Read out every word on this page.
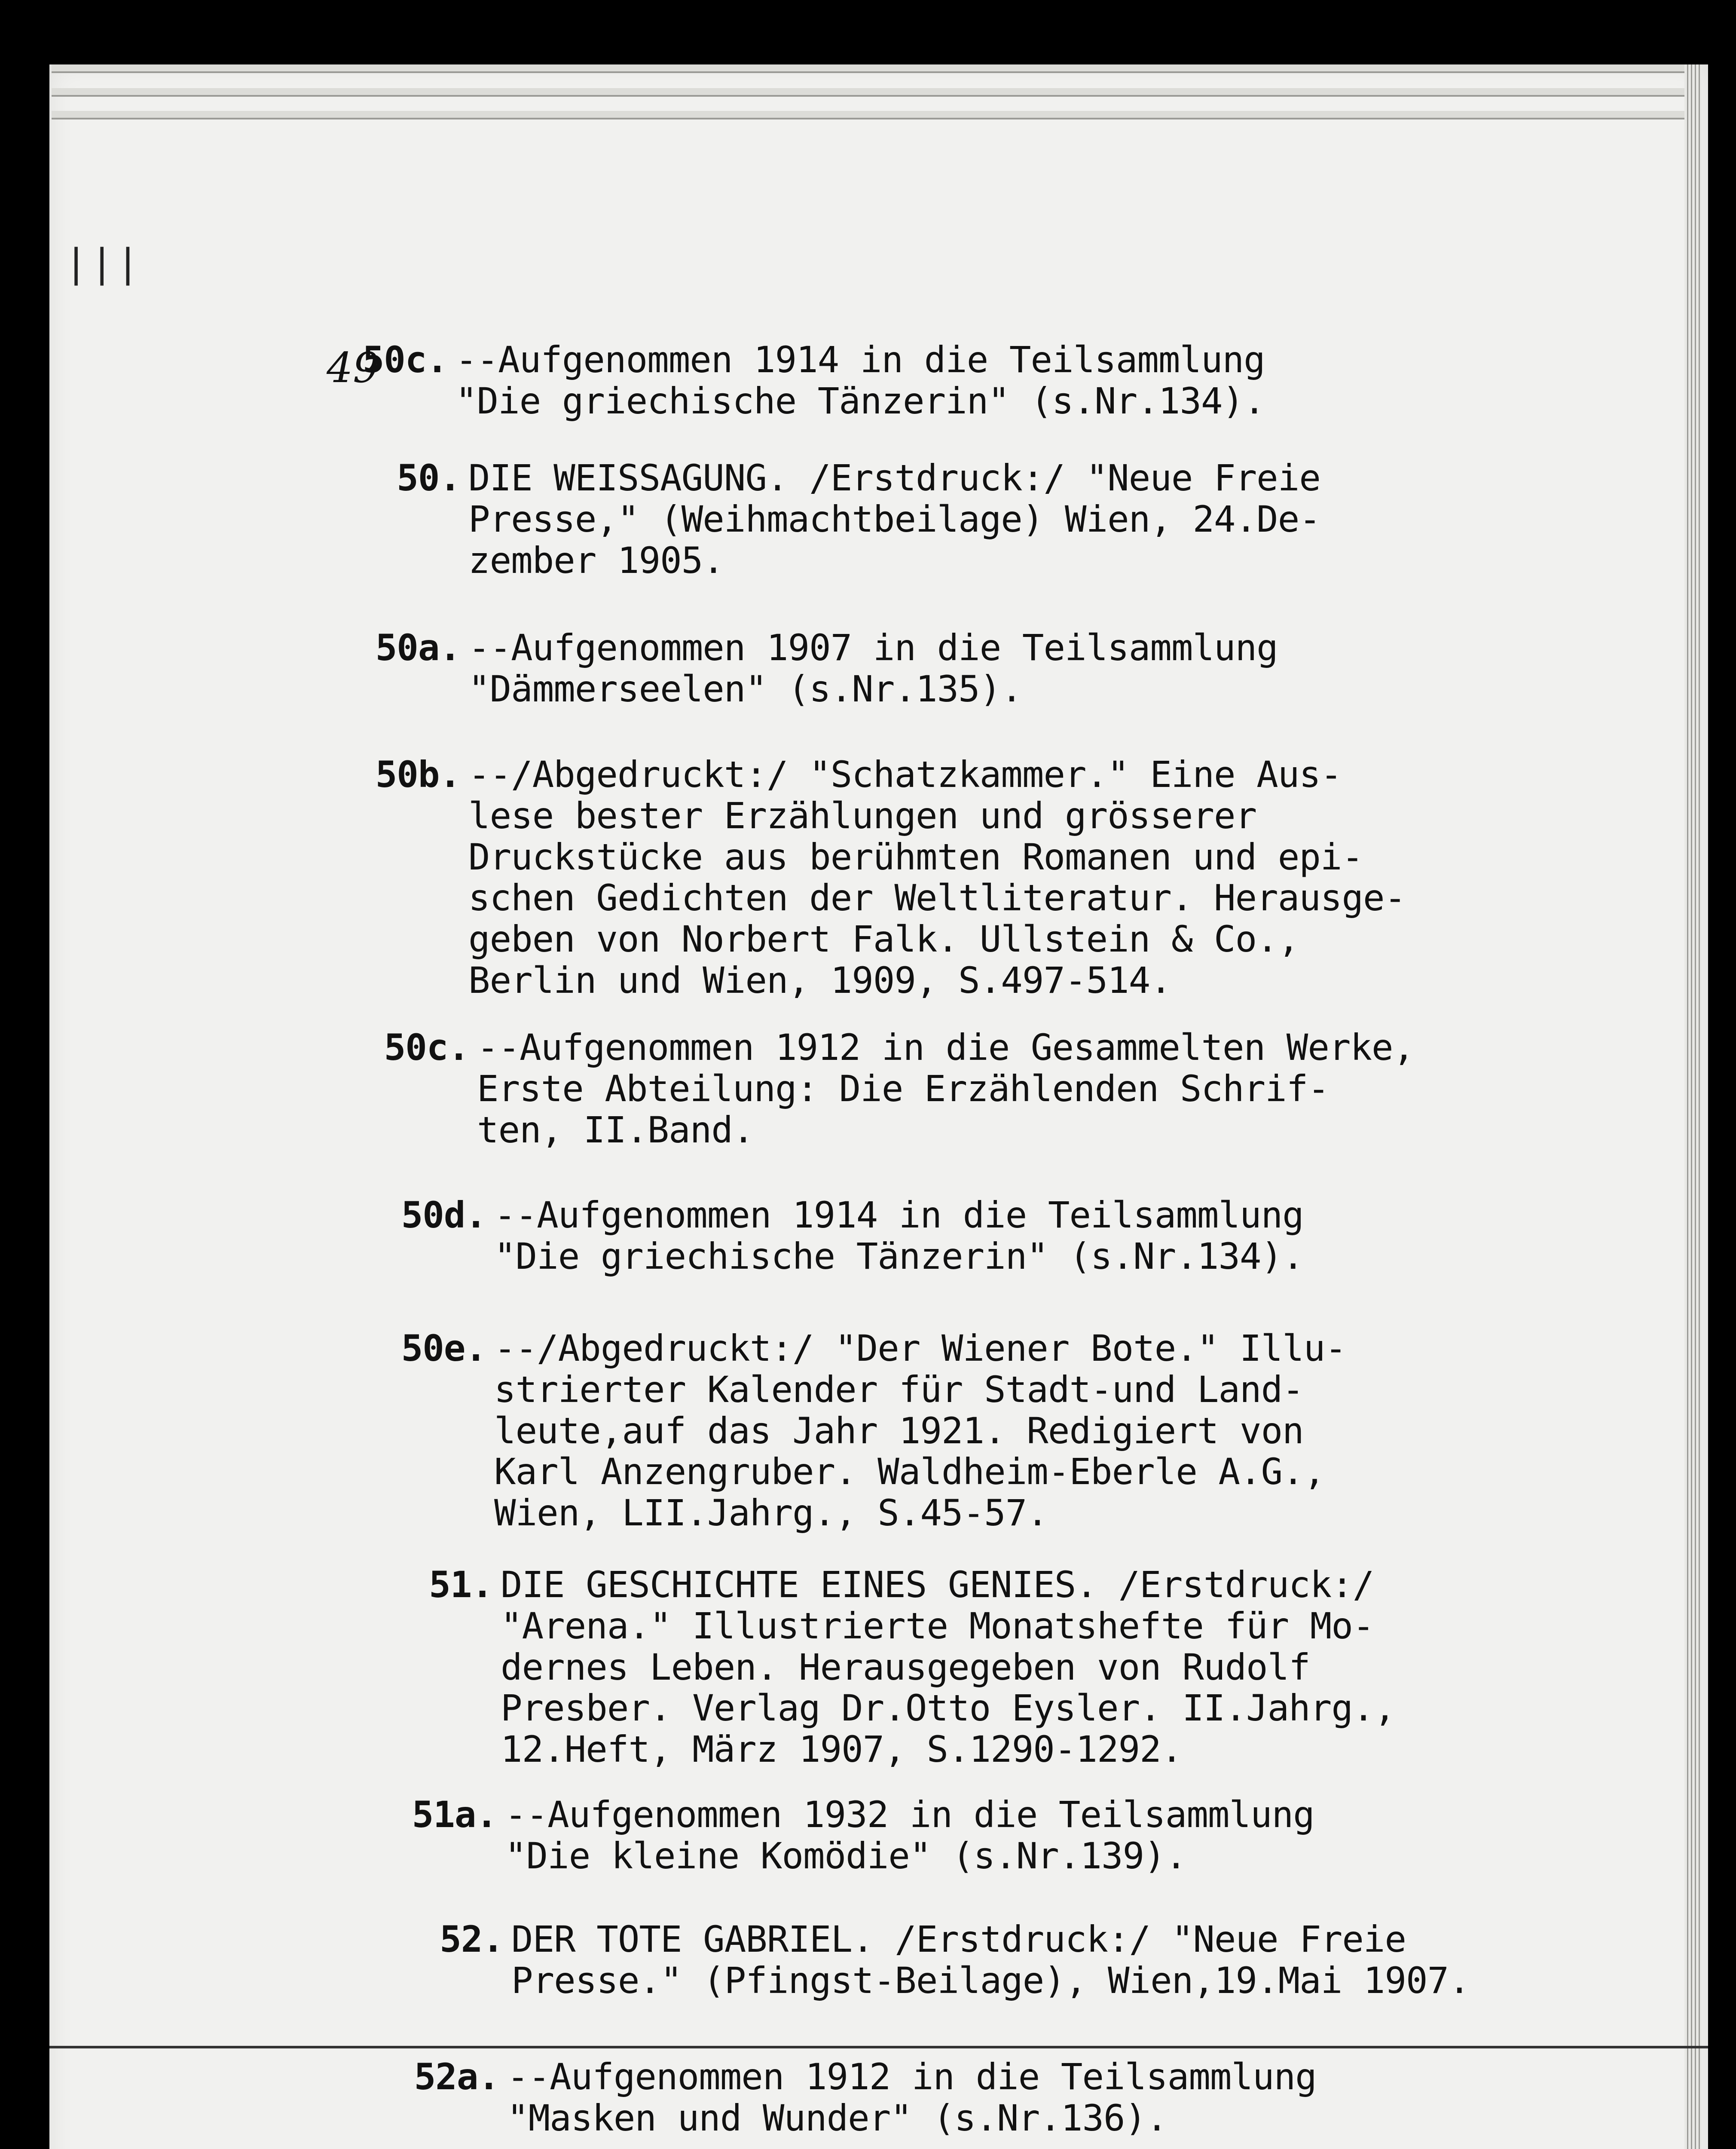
|||
49
50c. --Aufgenommen 1914 in die Teilsammlung
"Die griechische Tänzerin" (s.Nr.134).
50. DIE WEISSAGUNG. /Erstdruck:/ "Neue Freie
Presse," (Weihmachtbeilage) Wien, 24.De-
zember 1905.
50a. --Aufgenommen 1907 in die Teilsammlung
"Dämmerseelen" (s.Nr.135).
50b. --/Abgedruckt:/ "Schatzkammer." Eine Aus-
lese bester Erzählungen und grösserer
Druckstücke aus berühmten Romanen und epi-
schen Gedichten der Weltliteratur. Herausge-
geben von Norbert Falk. Ullstein & Co.,
Berlin und Wien, 1909, S.497-514.
50c. --Aufgenommen 1912 in die Gesammelten Werke,
Erste Abteilung: Die Erzählenden Schrif-
ten, II.Band.
50d. --Aufgenommen 1914 in die Teilsammlung
"Die griechische Tänzerin" (s.Nr.134).
50e. --/Abgedruckt:/ "Der Wiener Bote." Illu-
strierter Kalender für Stadt-und Land-
leute,auf das Jahr 1921. Redigiert von
Karl Anzengruber. Waldheim-Eberle A.G.,
Wien, LII.Jahrg., S.45-57.
51. DIE GESCHICHTE EINES GENIES. /Erstdruck:/
"Arena." Illustrierte Monatshefte für Mo-
dernes Leben. Herausgegeben von Rudolf
Presber. Verlag Dr.Otto Eysler. II.Jahrg.,
12.Heft, März 1907, S.1290-1292.
51a. --Aufgenommen 1932 in die Teilsammlung
"Die kleine Komödie" (s.Nr.139).
52. DER TOTE GABRIEL. /Erstdruck:/ "Neue Freie
Presse." (Pfingst-Beilage), Wien,19.Mai 1907.
52a. --Aufgenommen 1912 in die Teilsammlung
"Masken und Wunder" (s.Nr.136).
